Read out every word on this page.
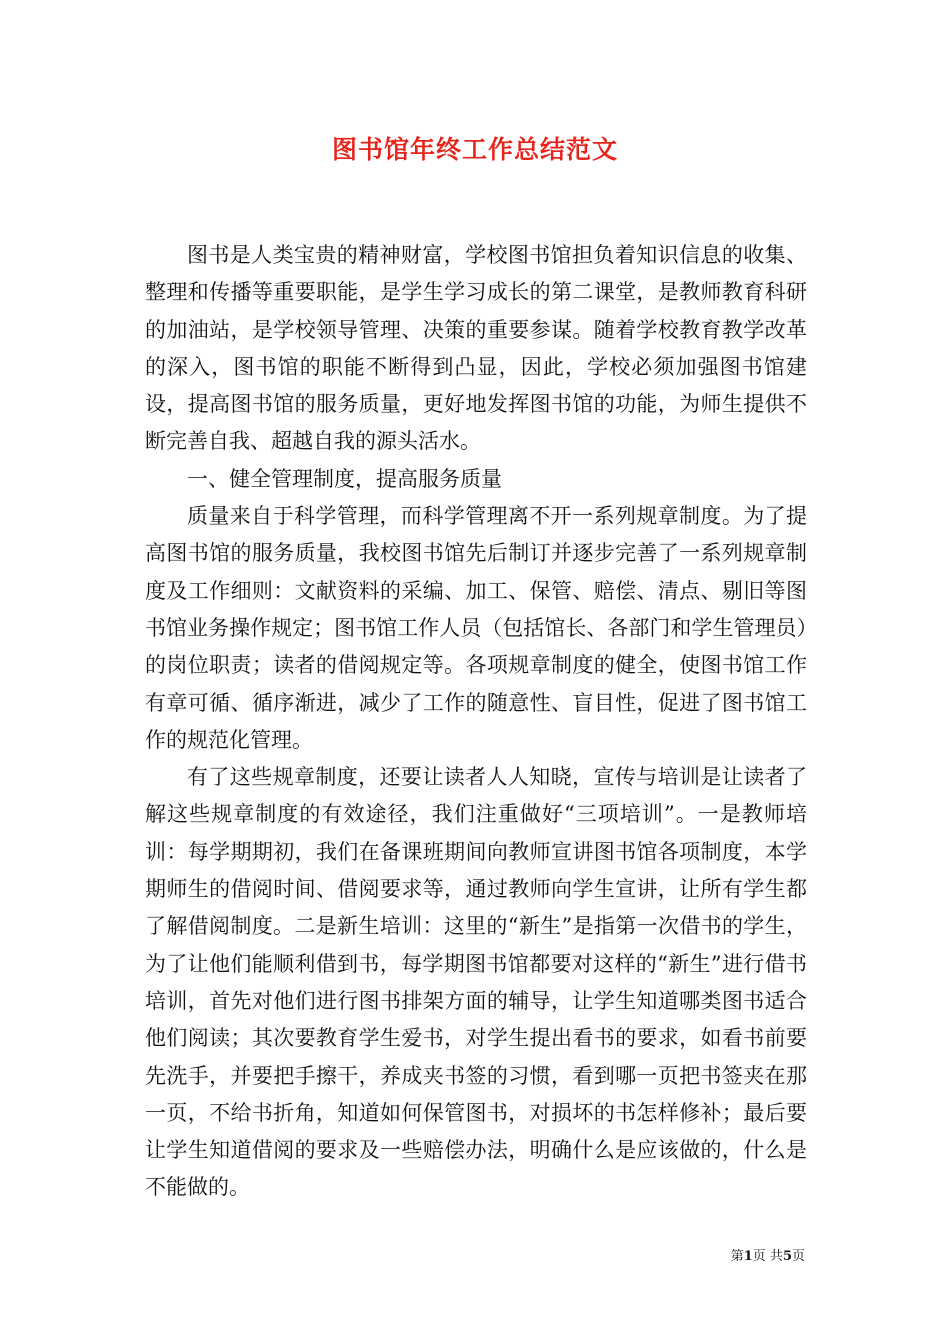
图书馆年终工作总结范文

图书是人类宝贵的精神财富，学校图书馆担负着知识信息的收集、整理和传播等重要职能，是学生学习成长的第二课堂，是教师教育科研的加油站，是学校领导管理、决策的重要参谋。随着学校教育教学改革的深入，图书馆的职能不断得到凸显，因此，学校必须加强图书馆建设，提高图书馆的服务质量，更好地发挥图书馆的功能，为师生提供不断完善自我、超越自我的源头活水。

一、健全管理制度，提高服务质量

质量来自于科学管理，而科学管理离不开一系列规章制度。为了提高图书馆的服务质量，我校图书馆先后制订并逐步完善了一系列规章制度及工作细则：文献资料的采编、加工、保管、赔偿、清点、剔旧等图书馆业务操作规定；图书馆工作人员（包括馆长、各部门和学生管理员）的岗位职责；读者的借阅规定等。各项规章制度的健全，使图书馆工作有章可循、循序渐进，减少了工作的随意性、盲目性，促进了图书馆工作的规范化管理。

有了这些规章制度，还要让读者人人知晓，宣传与培训是让读者了解这些规章制度的有效途径，我们注重做好“三项培训”。一是教师培训：每学期期初，我们在备课班期间向教师宣讲图书馆各项制度，本学期师生的借阅时间、借阅要求等，通过教师向学生宣讲，让所有学生都了解借阅制度。二是新生培训：这里的“新生”是指第一次借书的学生，为了让他们能顺利借到书，每学期图书馆都要对这样的“新生”进行借书培训，首先对他们进行图书排架方面的辅导，让学生知道哪类图书适合他们阅读；其次要教育学生爱书，对学生提出看书的要求，如看书前要先洗手，并要把手擦干，养成夹书签的习惯，看到哪一页把书签夹在那一页，不给书折角，知道如何保管图书，对损坏的书怎样修补；最后要让学生知道借阅的要求及一些赔偿办法，明确什么是应该做的，什么是不能做的。

第1页 共5页
